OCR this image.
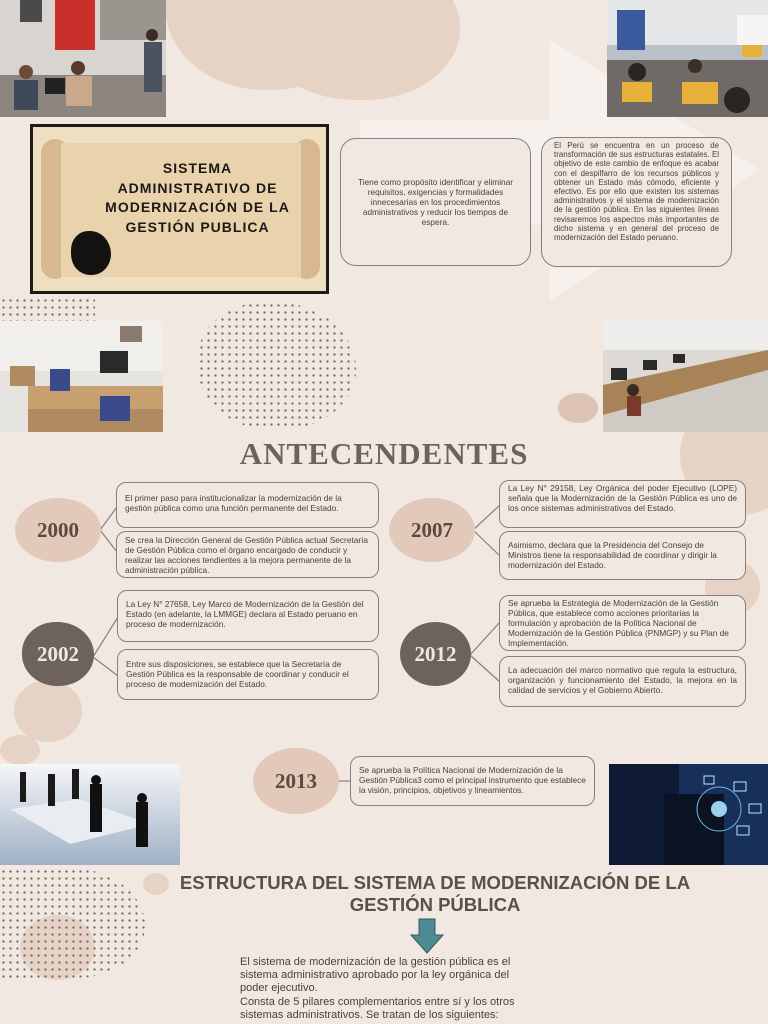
SISTEMA ADMINISTRATIVO DE MODERNIZACIÓN DE LA GESTIÓN PUBLICA
Tiene como propósito identificar y eliminar requisitos, exigencias y formalidades innecesarias en los procedimientos administrativos y reducir los tiempos de espera.
El Perú se encuentra en un proceso de transformación de sus estructuras estatales. El objetivo de este cambio de enfoque es acabar con el despilfarro de los recursos públicos y obtener un Estado más cómodo, eficiente y efectivo. Es por ello que existen los sistemas administrativos y el sistema de modernización de la gestión pública. En las siguientes líneas revisaremos los aspectos más importantes de dicho sistema y en general del proceso de modernización del Estado peruano.
ANTECENDENTES
2000
El primer paso para institucionalizar la modernización de la gestión pública como una función permanente del Estado.
Se crea la Dirección General de Gestión Pública actual Secretaría de Gestión Pública como el órgano encargado de conducir y realizar las acciones tendientes a la mejora permanente de la administración pública.
2007
La Ley N° 29158, Ley Orgánica del poder Ejecutivo (LOPE) señala que la Modernización de la Gestión Pública es uno de los once sistemas administrativos del Estado.
Asimismo, declara que la Presidencia del Consejo de Ministros tiene la responsabilidad de coordinar y dirigir la modernización del Estado.
2002
La Ley N° 27658, Ley Marco de Modernización de la Gestión del Estado (en adelante, la LMMGE) declara al Estado peruano en proceso de modernización.
Entre sus disposiciones, se establece que la Secretaría de Gestión Pública es la responsable de coordinar y conducir el proceso de modernización del Estado.
2012
Se aprueba la Estrategia de Modernización de la Gestión Pública, que establece como acciones prioritarias la formulación y aprobación de la Política Nacional de Modernización de la Gestión Pública (PNMGP) y su Plan de Implementación.
La adecuación del marco normativo que regula la estructura, organización y funcionamiento del Estado, la mejora en la calidad de servicios y el Gobierno Abierto.
2013	Se aprueba la Política Nacional de Modernización de la Gestión Pública3 como el principal instrumento que establece la visión, principios, objetivos y lineamientos.
ESTRUCTURA DEL SISTEMA DE MODERNIZACIÓN DE LA GESTIÓN PÚBLICA
El sistema de modernización de la gestión pública es el sistema administrativo aprobado por la ley orgánica del poder ejecutivo.
Consta de 5 pilares complementarios entre sí y los otros sistemas administrativos. Se tratan de los siguientes:
